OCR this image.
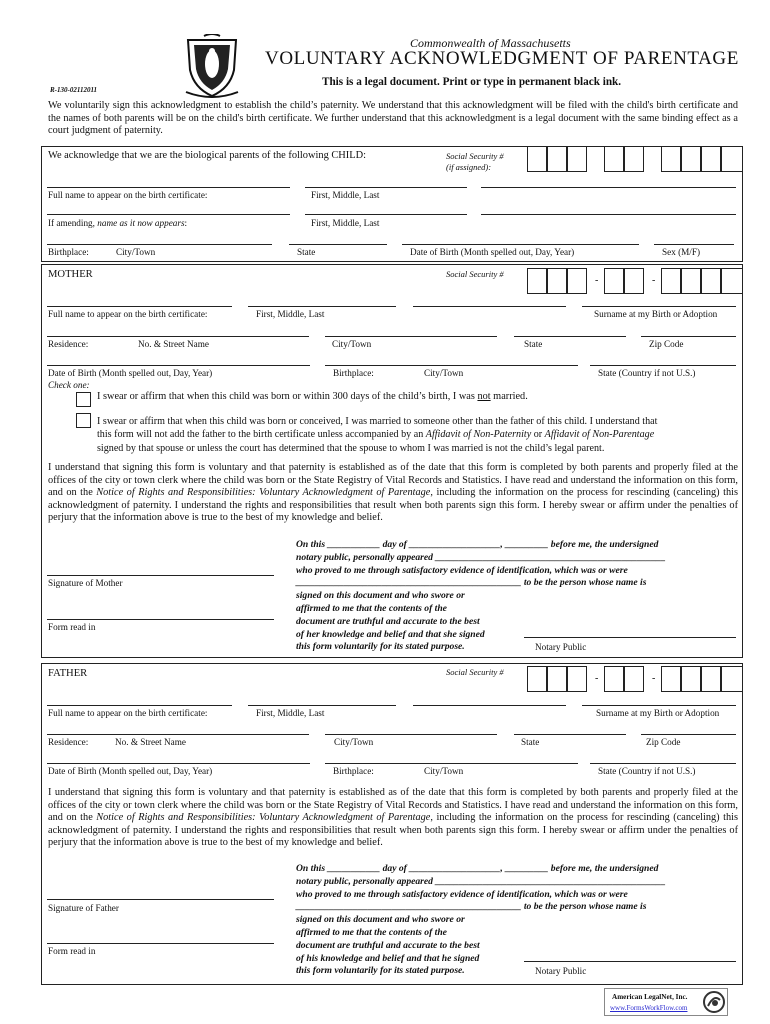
Commonwealth of Massachusetts
VOLUNTARY ACKNOWLEDGMENT OF PARENTAGE
This is a legal document. Print or type in permanent black ink.
R-130-02112011
We voluntarily sign this acknowledgment to establish the child’s paternity. We understand that this acknowledgment will be filed with the child's birth certificate and the names of both parents will be on the child's birth certificate. We further understand that this acknowledgment is a legal document with the same binding effect as a court judgment of paternity.
We acknowledge that we are the biological parents of the following CHILD:	Social Security #
(if assigned):
Full name to appear on the birth certificate:	First, Middle, Last
If amending, name as it now appears:	First, Middle, Last
Birthplace:	City/Town	State	Date of Birth (Month spelled out, Day, Year)	Sex (M/F)
MOTHER	Social Security #
-	-
Full name to appear on the birth certificate:	First, Middle, Last	Surname at my Birth or Adoption
Residence:	No. & Street Name	City/Town	State	Zip Code
Date of Birth (Month spelled out, Day, Year)	Birthplace:	City/Town	State (Country if not U.S.)
Check one:
I swear or affirm that when this child was born or within 300 days of the child’s birth, I was not married.
I swear or affirm that when this child was born or conceived, I was married to someone other than the father of this child. I understand that
this form will not add the father to the birth certificate unless accompanied by an Affidavit of Non-Paternity or Affidavit of Non-Parentage
signed by that spouse or unless the court has determined that the spouse to whom I was married is not the child’s legal parent.
I understand that signing this form is voluntary and that paternity is established as of the date that this form is completed by both parents and properly filed at the offices of the city or town clerk where the child was born or the State Registry of Vital Records and Statistics. I have read and understand the information on this form, and on the Notice of Rights and Responsibilities: Voluntary Acknowledgment of Parentage, including the information on the process for rescinding (canceling) this acknowledgment of paternity. I understand the rights and responsibilities that result when both parents sign this form. I hereby swear or affirm under the penalties of perjury that the information above is true to the best of my knowledge and belief.
On this ___________ day of ___________________, _________ before me, the undersigned
notary public, personally appeared ________________________________________________
who proved to me through satisfactory evidence of identification, which was or were
_______________________________________________ to be the person whose name is
signed on this document and who swore or
affirmed to me that the contents of the
document are truthful and accurate to the best
of her knowledge and belief and that she signed
this form voluntarily for its stated purpose.
Signature of Mother
Form read in
Notary Public
FATHER	Social Security #
-	-
Full name to appear on the birth certificate:	First, Middle, Last	Surname at my Birth or Adoption
Residence:	No. & Street Name	City/Town	State	Zip Code
Date of Birth (Month spelled out, Day, Year)	Birthplace:	City/Town	State (Country if not U.S.)
I understand that signing this form is voluntary and that paternity is established as of the date that this form is completed by both parents and properly filed at the offices of the city or town clerk where the child was born or the State Registry of Vital Records and Statistics. I have read and understand the information on this form, and on the Notice of Rights and Responsibilities: Voluntary Acknowledgment of Parentage, including the information on the process for rescinding (canceling) this acknowledgment of paternity. I understand the rights and responsibilities that result when both parents sign this form. I hereby swear or affirm under the penalties of perjury that the information above is true to the best of my knowledge and belief.
On this ___________ day of ___________________, _________ before me, the undersigned
notary public, personally appeared ________________________________________________
who proved to me through satisfactory evidence of identification, which was or were
_______________________________________________ to be the person whose name is
signed on this document and who swore or
affirmed to me that the contents of the
document are truthful and accurate to the best
of his knowledge and belief and that he signed
this form voluntarily for its stated purpose.
Signature of Father
Form read in
Notary Public
American LegalNet, Inc.
www.FormsWorkFlow.com
